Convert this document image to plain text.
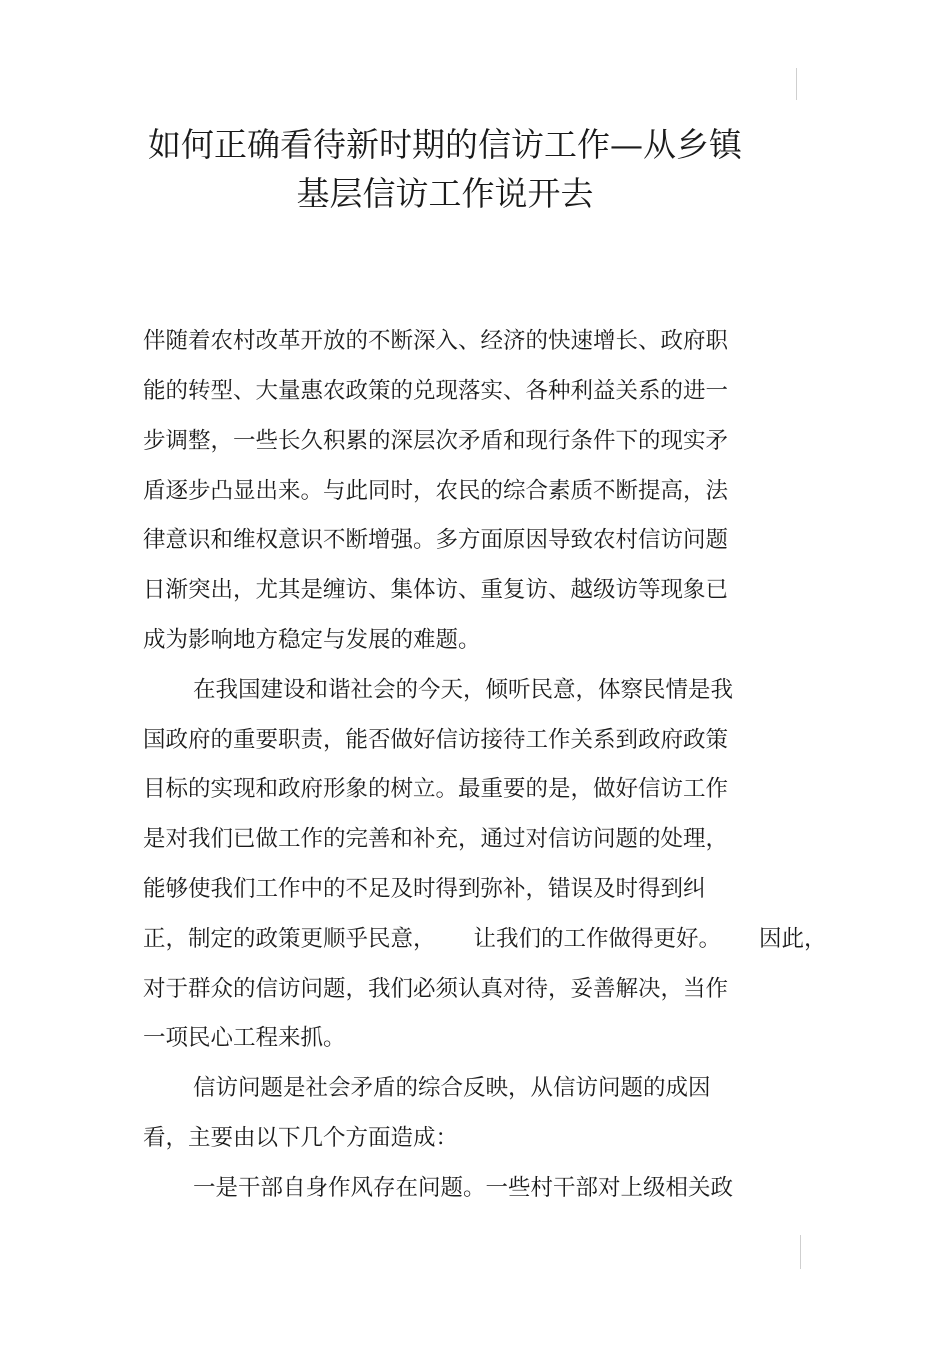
如何正确看待新时期的信访工作—从乡镇
基层信访工作说开去
伴随着农村改革开放的不断深入、经济的快速增长、政府职
能的转型、大量惠农政策的兑现落实、各种利益关系的进一
步调整，一些长久积累的深层次矛盾和现行条件下的现实矛
盾逐步凸显出来。与此同时，农民的综合素质不断提高，法
律意识和维权意识不断增强。多方面原因导致农村信访问题
日渐突出，尤其是缠访、集体访、重复访、越级访等现象已
成为影响地方稳定与发展的难题。
在我国建设和谐社会的今天，倾听民意，体察民情是我
国政府的重要职责，能否做好信访接待工作关系到政府政策
目标的实现和政府形象的树立。最重要的是，做好信访工作
是对我们已做工作的完善和补充，通过对信访问题的处理，
能够使我们工作中的不足及时得到弥补，错误及时得到纠
正，制定的政策更顺乎民意， 让我们的工作做得更好。 因此，
对于群众的信访问题，我们必须认真对待，妥善解决，当作
一项民心工程来抓。
信访问题是社会矛盾的综合反映，从信访问题的成因
看，主要由以下几个方面造成：
一是干部自身作风存在问题。一些村干部对上级相关政
